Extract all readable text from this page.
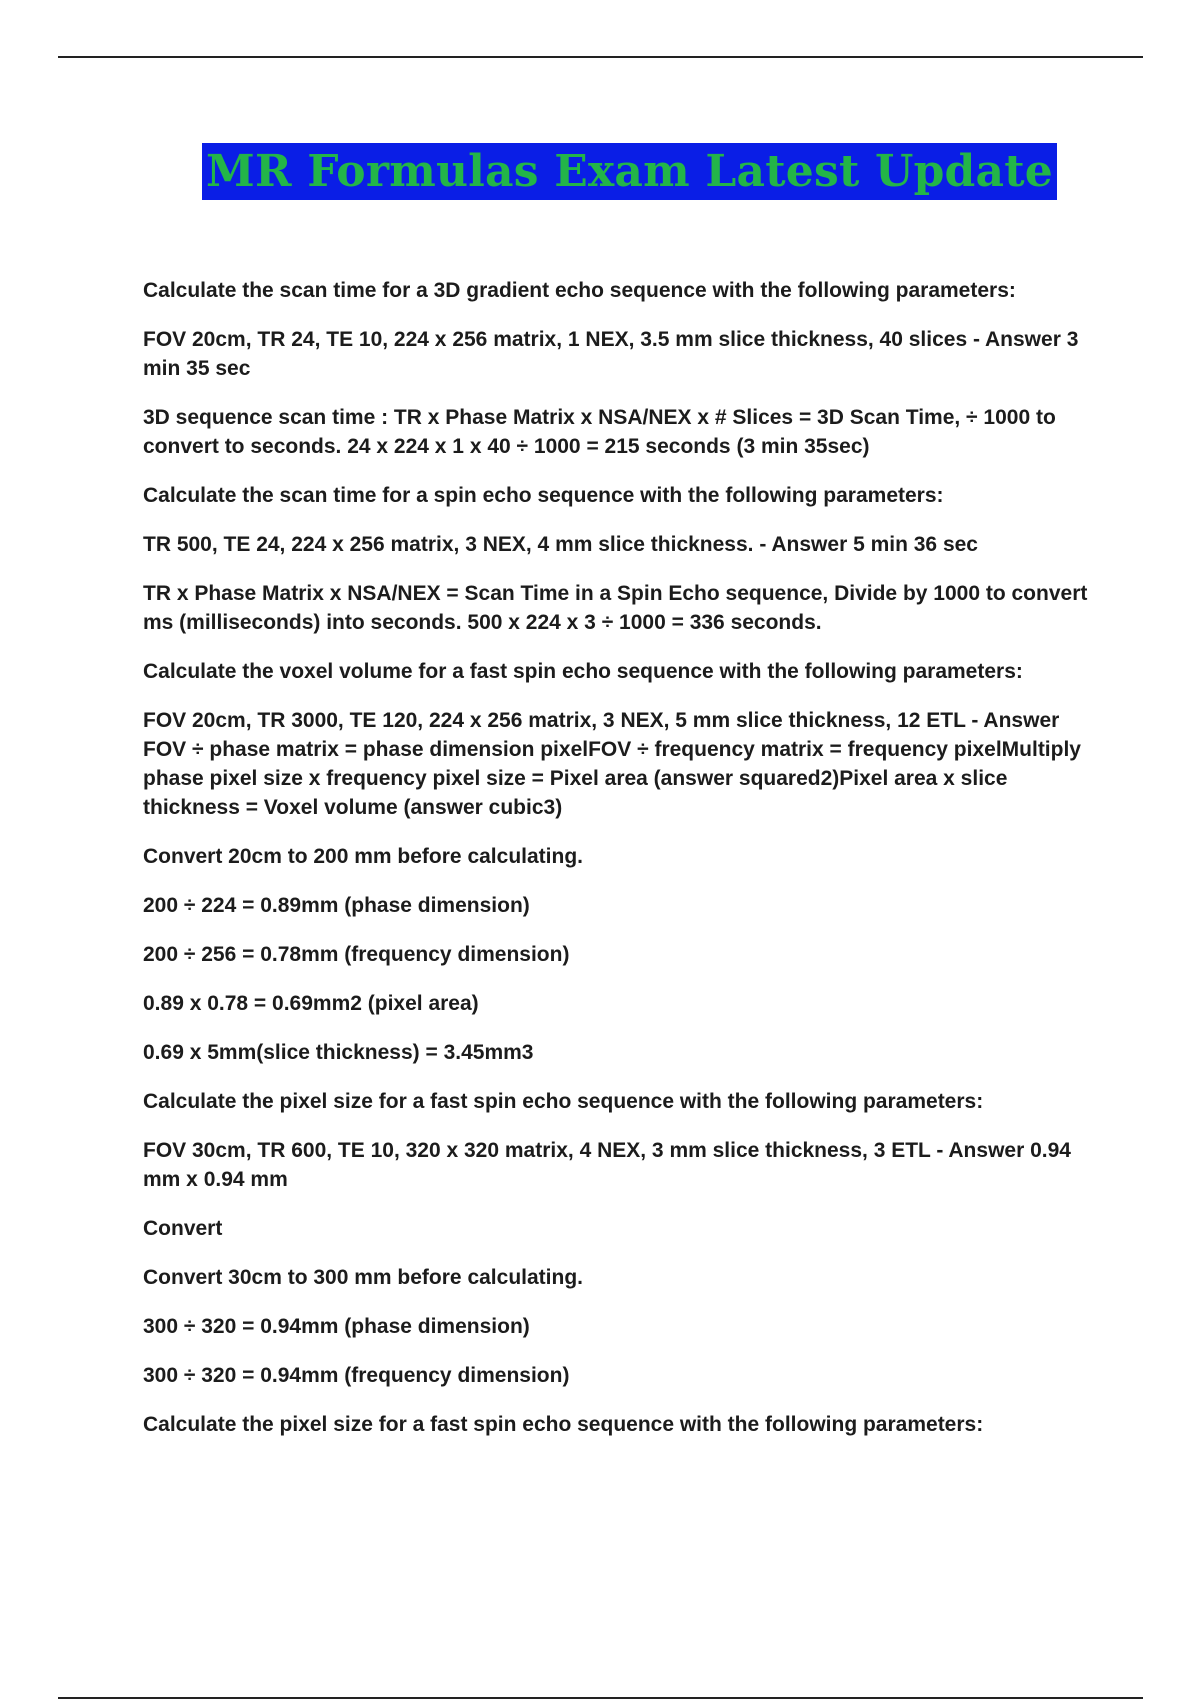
MR Formulas Exam Latest Update

Calculate the scan time for a 3D gradient echo sequence with the following parameters:

FOV 20cm, TR 24, TE 10, 224 x 256 matrix, 1 NEX, 3.5 mm slice thickness, 40 slices - Answer 3 min 35 sec

3D sequence scan time : TR x Phase Matrix x NSA/NEX x # Slices = 3D Scan Time, ÷ 1000 to convert to seconds. 24 x 224 x 1 x 40 ÷ 1000 = 215 seconds (3 min 35sec)

Calculate the scan time for a spin echo sequence with the following parameters:

TR 500, TE 24, 224 x 256 matrix, 3 NEX, 4 mm slice thickness. - Answer 5 min 36 sec

TR x Phase Matrix x NSA/NEX = Scan Time in a Spin Echo sequence, Divide by 1000 to convert ms (milliseconds) into seconds. 500 x 224 x 3 ÷ 1000 = 336 seconds.

Calculate the voxel volume for a fast spin echo sequence with the following parameters:

FOV 20cm, TR 3000, TE 120, 224 x 256 matrix, 3 NEX, 5 mm slice thickness, 12 ETL - Answer FOV ÷ phase matrix = phase dimension pixelFOV ÷ frequency matrix = frequency pixelMultiply phase pixel size x frequency pixel size = Pixel area (answer squared2)Pixel area x slice thickness = Voxel volume (answer cubic3)

Convert 20cm to 200 mm before calculating.

200 ÷ 224 = 0.89mm (phase dimension)

200 ÷ 256 = 0.78mm (frequency dimension)

0.89 x 0.78 = 0.69mm2 (pixel area)

0.69 x 5mm(slice thickness) = 3.45mm3

Calculate the pixel size for a fast spin echo sequence with the following parameters:

FOV 30cm, TR 600, TE 10, 320 x 320 matrix, 4 NEX, 3 mm slice thickness, 3 ETL - Answer 0.94 mm x 0.94 mm

Convert

Convert 30cm to 300 mm before calculating.

300 ÷ 320 = 0.94mm (phase dimension)

300 ÷ 320 = 0.94mm (frequency dimension)

Calculate the pixel size for a fast spin echo sequence with the following parameters:
